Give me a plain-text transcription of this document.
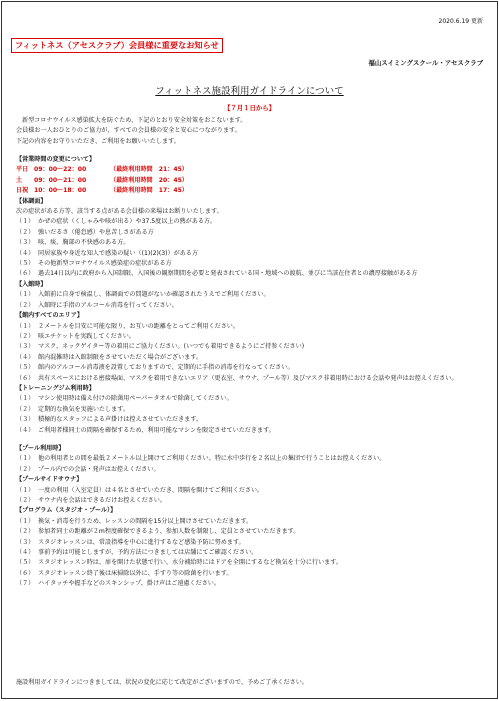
2020.6.19 更新
フィットネス（アセスクラブ）会員様に重要なお知らせ
福山スイミングスクール・アセスクラブ
フィットネス施設利用ガイドラインについて
【７月１日から】
新型コロナウイルス感染拡大を防ぐため、下記のとおり安全対策をおこないます。
会員様お一人おひとりのご協力が、すべての会員様の安全と安心につながります。
下記の内容をお守りいただき、ご利用をお願いいたします。
【営業時間の変更について】
平日 09：00～22：00	（最終利用時間　21：45）
土	09：00～21：00	（最終利用時間　20：45）
日祝 10：00～18：00	（最終利用時間　17：45）
【体調面】
次の症状がある方等、該当する点がある会員様の来場はお断りいたします。
（１） かぜの症状（くしゃみや咳が出る）や37.5度以上の熱がある方。
（２） 強いだるさ（倦怠感）や息苦しさがある方
（３） 咳、痰、胸部の不快感のある方。
（４） 同居家族や身近な知人で感染の疑い（(1)(2)(3)）がある方
（５） その他新型コロナウイルス感染症の症状がある方
（６） 過去14日以内に政府から入国制限、入国後の観察期間を必要と発表されている国・地域への渡航、並びに当該在住者との濃厚接触がある方
【入館時】
（１） 入館前に自身で検温し、体調面での問題がないか確認されたうえでご利用ください。
（２） 入館時に手指のアルコール消毒を行ってください。
【館内すべてのエリア】
（１） ２メートルを目安に可能な限り、お互いの距離をとってご利用ください。
（２） 咳エチケットを実践してください。
（３） マスク、ネックゲイター等の着用にご協力ください。(いつでも着用できるようにご持参ください)
（４） 館内混雑時は入館制限をさせていただく場合がございます。
（５） 館内のアルコール消毒液を設置しておりますので、定期的に手指の消毒を行なってください。
（６） 共有スペースにおける密接場面、マスクを着用できないエリア（更衣室、サウナ、プール等）及びマスク非着用時における会話や発声はお控えください。
【トレーニングジム利用時】
（１） マシン使用時は備え付けの除菌用ペーパータオルで除菌してください。
（２） 定期的な換気を実施いたします。
（３） 積極的なスタッフによる声掛けは控えさせていただきます。
（４） ご利用者様同士の間隔を確保するため、利用可能なマシンを限定させていただきます。
【プール利用時】
（１） 他の利用者との間を最低２メートル以上開けてご利用ください。特に水中歩行を２名以上の集団で行うことはお控えください。
（２） プール内での会話・発声はお控えください。
【プールサイドサウナ】
（１） 一度の利用（入室定員）は４名とさせていただき、間隔を開けてご利用ください。
（２） サウナ内を会話はできるだけお控えください。
【プログラム（スタジオ・プール）】
（１） 換気・消毒を行うため、レッスンの間隔を15分以上開けさせていただきます。
（２） 参加者同士の距離が２m程度確保できるよう、参加人数を制限し、定員とさせていただきます。
（３） スタジオレッスンは、常設指導を中心に進行するなど感染予防に努めます。
（４） 事前予約は可能としますが、予約方法につきましては店舗にてご確認ください。
（５） スタジオレッスン時は、扉を開けた状態で行い、水分補給時にはドアを全開にするなど換気を十分に行います。
（６） スタジオレッスン終了後は床掃除以外に、手すり等の除菌を行います。
（７） ハイタッチや握手などのスキンシップ、掛け声はご遠慮ください。
施設利用ガイドラインにつきましては、状況の変化に応じて改定がございますので、予めご了承ください。
